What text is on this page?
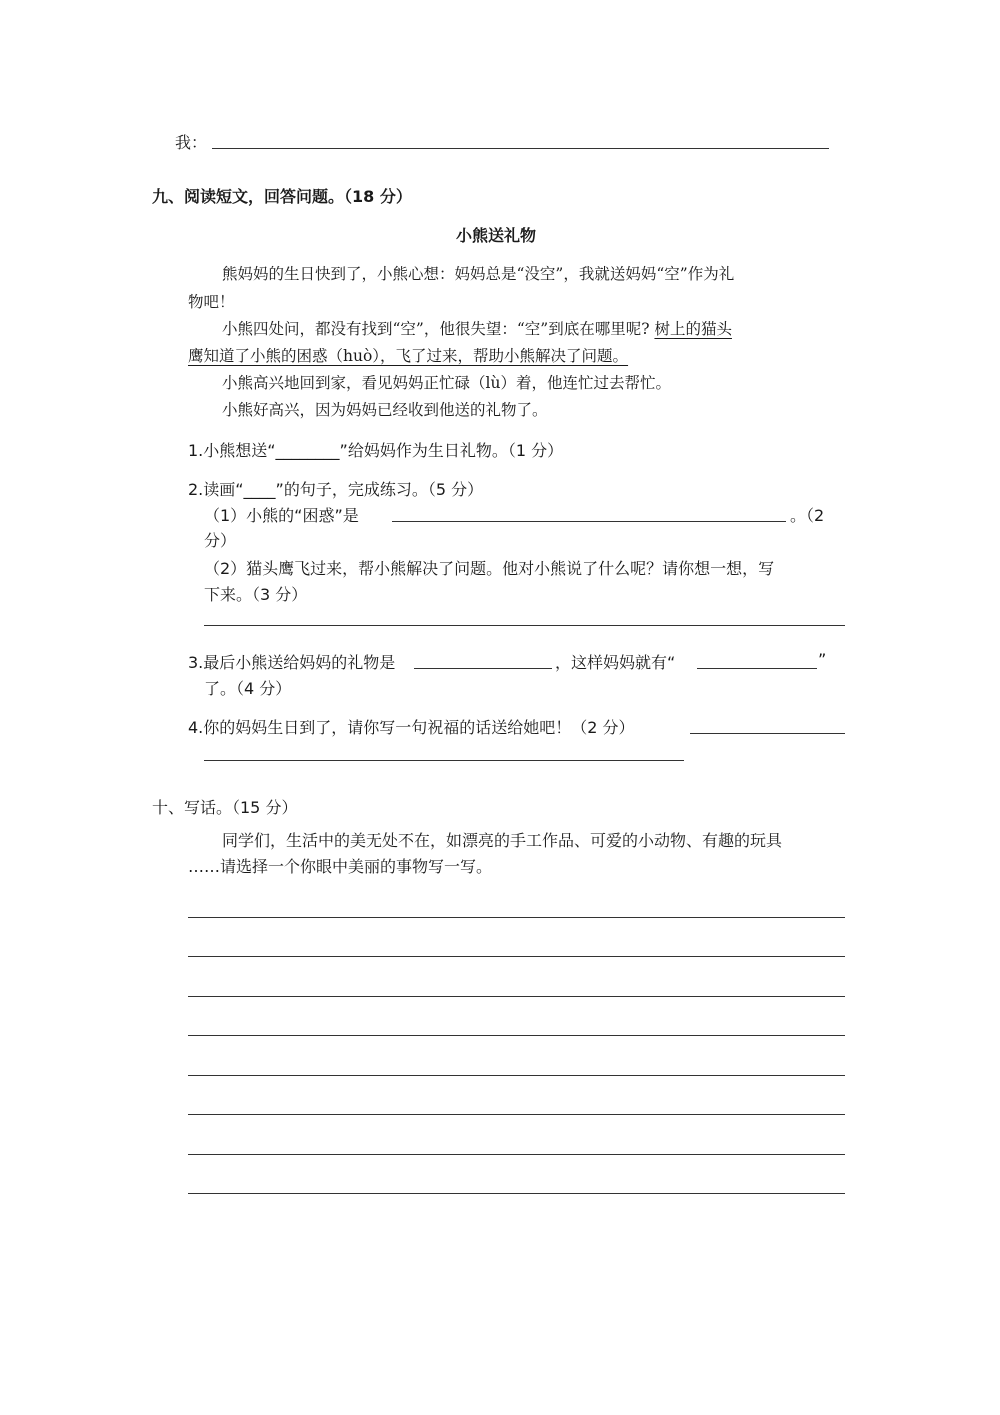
我：
九、阅读短文，回答问题。（18 分）
小熊送礼物
熊妈妈的生日快到了，小熊心想：妈妈总是“没空”，我就送妈妈“空”作为礼
物吧！
小熊四处问，都没有找到“空”，他很失望：“空”到底在哪里呢? 树上的猫头
鹰知道了小熊的困惑（huò），飞了过来，帮助小熊解决了问题。
小熊高兴地回到家，看见妈妈正忙碌（lù）着，他连忙过去帮忙。
小熊好高兴，因为妈妈已经收到他送的礼物了。
1.小熊想送“________”给妈妈作为生日礼物。（1 分）
2.读画“____”的句子，完成练习。（5 分）
（1）小熊的“困惑”是	。（2
分）
（2）猫头鹰飞过来，帮小熊解决了问题。他对小熊说了什么呢？请你想一想，写
下来。（3 分）
3.最后小熊送给妈妈的礼物是	，这样妈妈就有“	”
了。（4 分）
4.你的妈妈生日到了，请你写一句祝福的话送给她吧！（2 分）
十、写话。（15 分）
同学们，生活中的美无处不在，如漂亮的手工作品、可爱的小动物、有趣的玩具
……请选择一个你眼中美丽的事物写一写。
